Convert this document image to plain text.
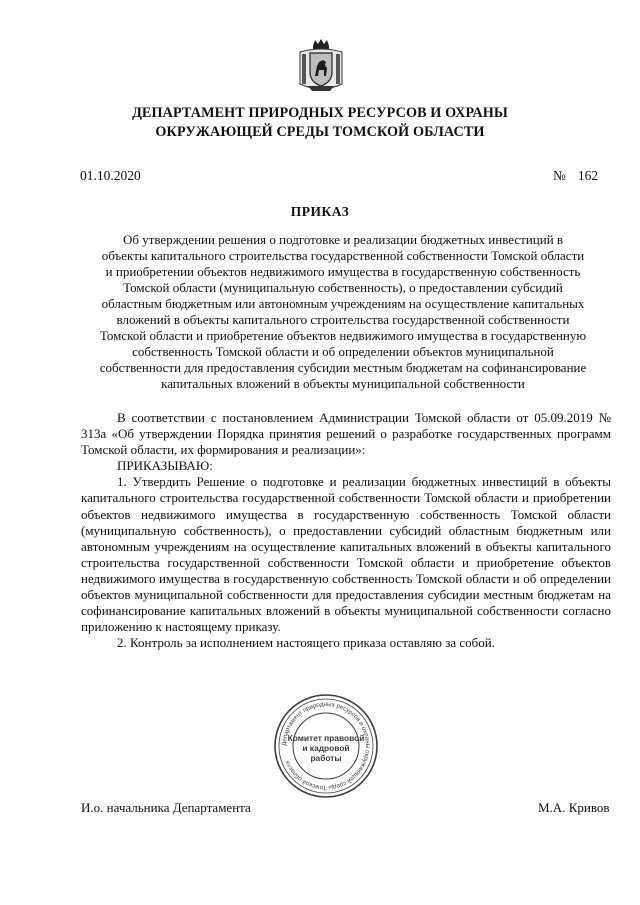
ДЕПАРТАМЕНТ ПРИРОДНЫХ РЕСУРСОВ И ОХРАНЫ
ОКРУЖАЮЩЕЙ СРЕДЫ ТОМСКОЙ ОБЛАСТИ
01.10.2020	№ 162
ПРИКАЗ
Об утверждении решения о подготовке и реализации бюджетных инвестиций в
объекты капитального строительства государственной собственности Томской области
и приобретении объектов недвижимого имущества в государственную собственность
Томской области (муниципальную собственность), о предоставлении субсидий
областным бюджетным или автономным учреждениям на осуществление капитальных
вложений в объекты капитального строительства государственной собственности
Томской области и приобретение объектов недвижимого имущества в государственную
собственность Томской области и об определении объектов муниципальной
собственности для предоставления субсидии местным бюджетам на софинансирование
капитальных вложений в объекты муниципальной собственности

В соответствии с постановлением Администрации Томской области от 05.09.2019 № 313а «Об утверждении Порядка принятия решений о разработке государственных программ Томской области, их формирования и реализации»:

ПРИКАЗЫВАЮ:

1. Утвердить Решение о подготовке и реализации бюджетных инвестиций в объекты капитального строительства государственной собственности Томской области и приобретении объектов недвижимого имущества в государственную собственность Томской области (муниципальную собственность), о предоставлении субсидий областным бюджетным или автономным учреждениям на осуществление капитальных вложений в объекты капитального строительства государственной собственности Томской области и приобретение объектов недвижимого имущества в государственную собственность Томской области и об определении объектов муниципальной собственности для предоставления субсидии местным бюджетам на софинансирование капитальных вложений в объекты муниципальной собственности согласно приложению к настоящему приказу.

2. Контроль за исполнением настоящего приказа оставляю за собой.

Департамент природных ресурсов и охраны окружающей среды Томской области
Комитет правовой
и кадровой
работы
И.о. начальника Департамента	М.А. Кривов
